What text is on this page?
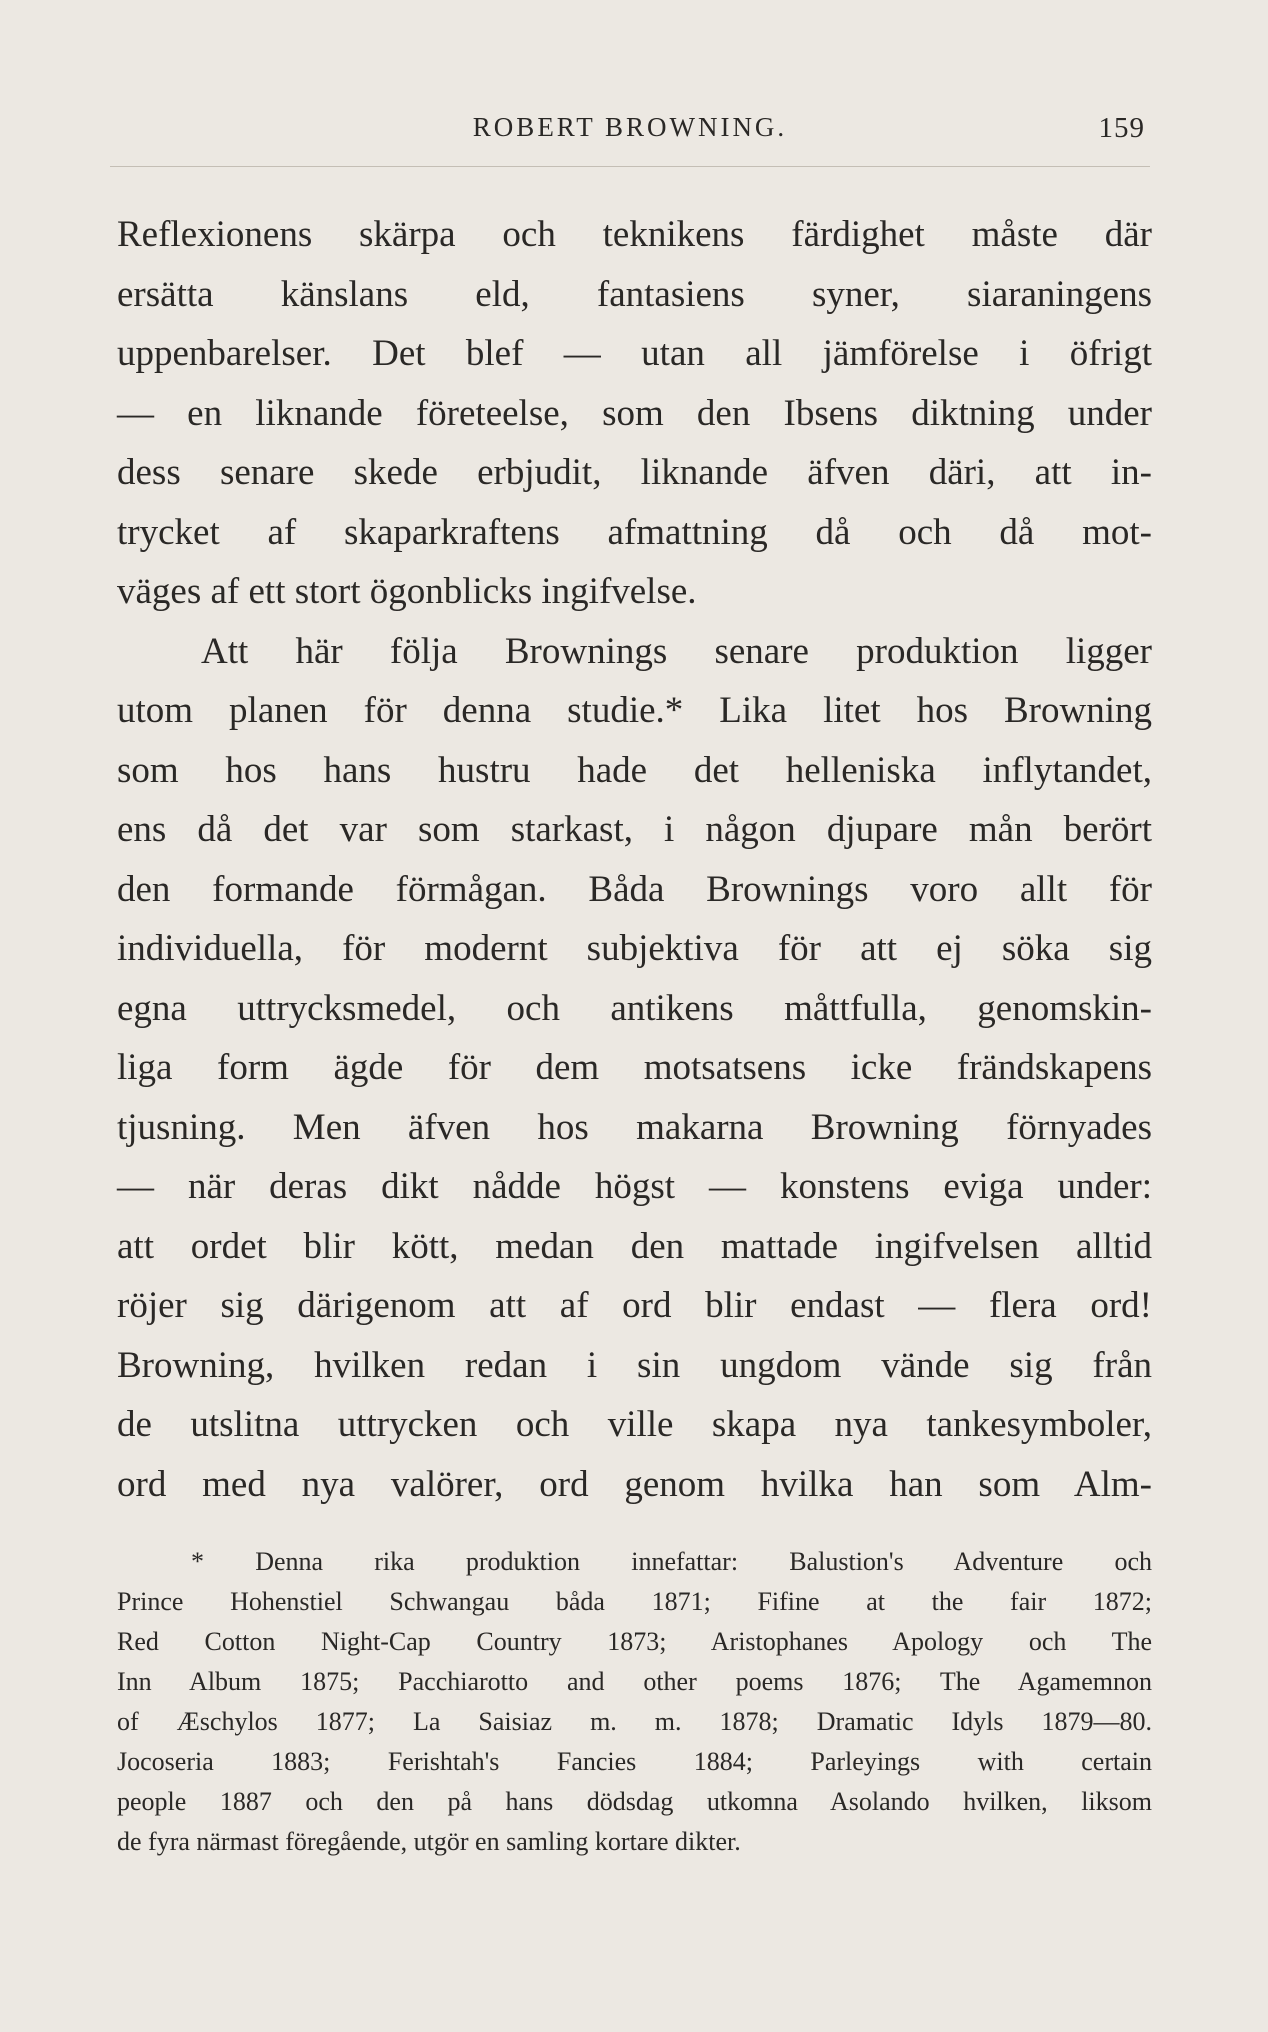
ROBERT BROWNING.	159
Reflexionens skärpa och teknikens färdighet måste där
ersätta känslans eld, fantasiens syner, siaraningens
uppenbarelser. Det blef — utan all jämförelse i öfrigt
— en liknande företeelse, som den Ibsens diktning under
dess senare skede erbjudit, liknande äfven däri, att in-
trycket af skaparkraftens afmattning då och då mot-
väges af ett stort ögonblicks ingifvelse.
Att här följa Brownings senare produktion ligger
utom planen för denna studie.* Lika litet hos Browning
som hos hans hustru hade det helleniska inflytandet,
ens då det var som starkast, i någon djupare mån berört
den formande förmågan. Båda Brownings voro allt för
individuella, för modernt subjektiva för att ej söka sig
egna uttrycksmedel, och antikens måttfulla, genomskin-
liga form ägde för dem motsatsens icke frändskapens
tjusning. Men äfven hos makarna Browning förnyades
— när deras dikt nådde högst — konstens eviga under:
att ordet blir kött, medan den mattade ingifvelsen alltid
röjer sig därigenom att af ord blir endast — flera ord!
Browning, hvilken redan i sin ungdom vände sig från
de utslitna uttrycken och ville skapa nya tankesymboler,
ord med nya valörer, ord genom hvilka han som Alm-
* Denna rika produktion innefattar: Balustion's Adventure och
Prince Hohenstiel Schwangau båda 1871; Fifine at the fair 1872;
Red Cotton Night-Cap Country 1873; Aristophanes Apology och The
Inn Album 1875; Pacchiarotto and other poems 1876; The Agamemnon
of Æschylos 1877; La Saisiaz m. m. 1878; Dramatic Idyls 1879—80.
Jocoseria 1883; Ferishtah's Fancies 1884; Parleyings with certain
people 1887 och den på hans dödsdag utkomna Asolando hvilken, liksom
de fyra närmast föregående, utgör en samling kortare dikter.
